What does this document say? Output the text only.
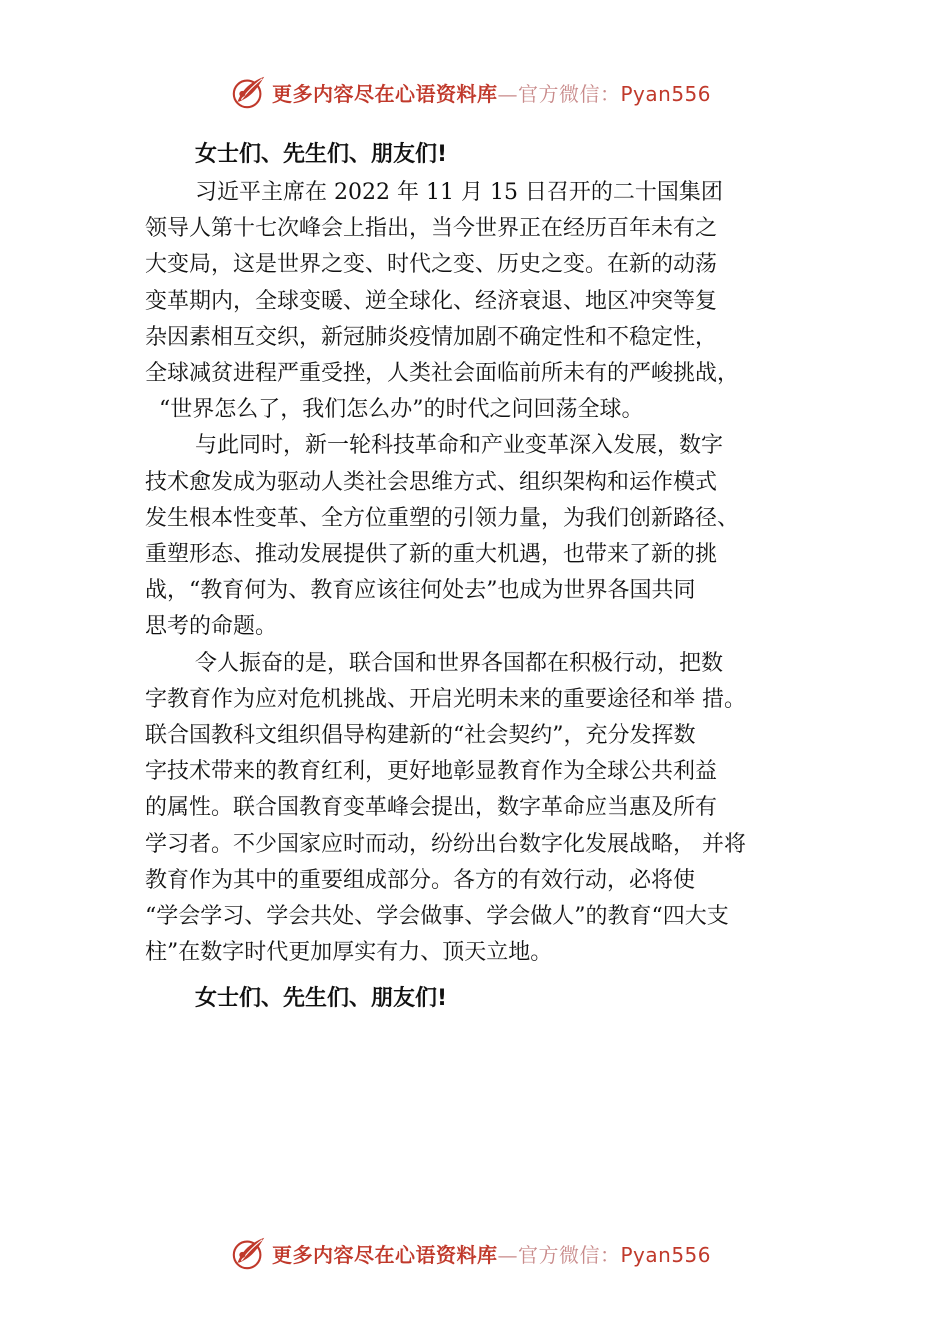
更多内容尽在心语资料库—官方微信：Pyan556

女士们、先生们、朋友们!

习近平主席在 2022 年 11 月 15 日召开的二十国集团
领导人第十七次峰会上指出，当今世界正在经历百年未有之
大变局，这是世界之变、时代之变、历史之变。在新的动荡
变革期内，全球变暖、逆全球化、经济衰退、地区冲突等复
杂因素相互交织，新冠肺炎疫情加剧不确定性和不稳定性，
全球减贫进程严重受挫，人类社会面临前所未有的严峻挑战，
“世界怎么了，我们怎么办”的时代之问回荡全球。
与此同时，新一轮科技革命和产业变革深入发展，数字
技术愈发成为驱动人类社会思维方式、组织架构和运作模式
发生根本性变革、全方位重塑的引领力量，为我们创新路径、
重塑形态、推动发展提供了新的重大机遇，也带来了新的挑
战，“教育何为、教育应该往何处去”也成为世界各国共同
思考的命题。
令人振奋的是，联合国和世界各国都在积极行动，把数
字教育作为应对危机挑战、开启光明未来的重要途径和举 措。
联合国教科文组织倡导构建新的“社会契约”，充分发挥数
字技术带来的教育红利，更好地彰显教育作为全球公共利益
的属性。联合国教育变革峰会提出，数字革命应当惠及所有
学习者。不少国家应时而动，纷纷出台数字化发展战略， 并将
教育作为其中的重要组成部分。各方的有效行动，必将使
“学会学习、学会共处、学会做事、学会做人”的教育“四大支
柱”在数字时代更加厚实有力、顶天立地。

女士们、先生们、朋友们!

更多内容尽在心语资料库—官方微信：Pyan556
